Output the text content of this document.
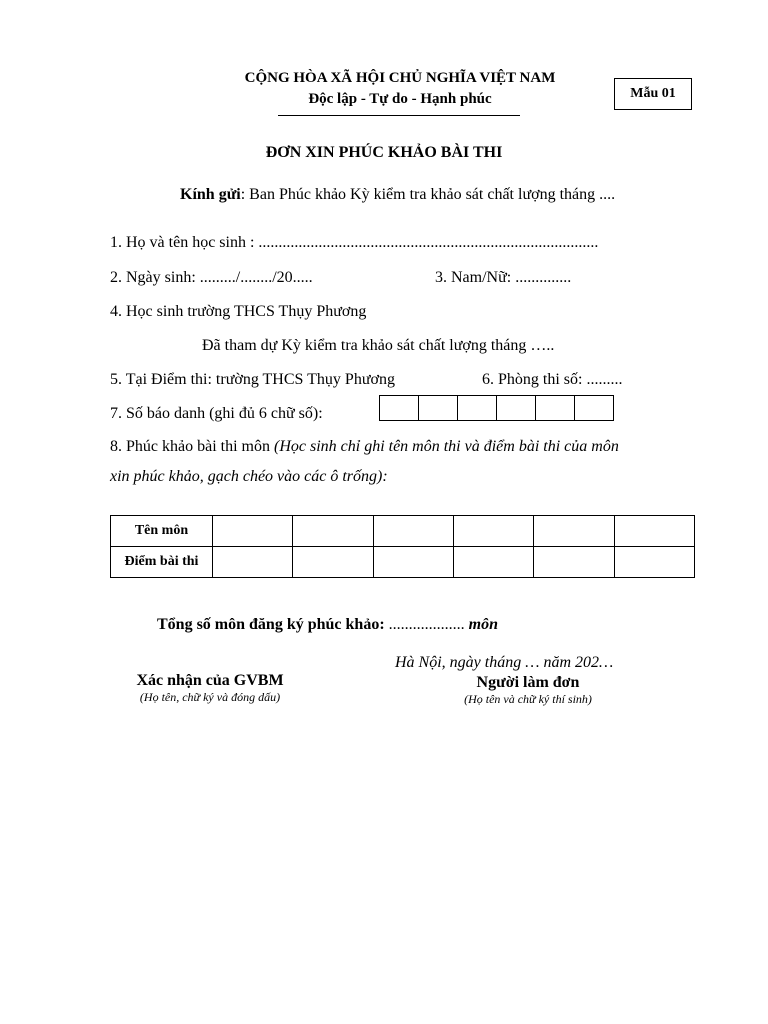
CỘNG HÒA XÃ HỘI CHỦ NGHĨA VIỆT NAM
Độc lập - Tự do - Hạnh phúc	Mẫu 01
ĐƠN XIN PHÚC KHẢO BÀI THI
Kính gửi: Ban Phúc khảo Kỳ kiểm tra khảo sát chất lượng tháng ....
1. Họ và tên học sinh : .....................................................................................
2. Ngày sinh: ........./......../20.....	3. Nam/Nữ: ..............
4. Học sinh trường THCS Thụy Phương
Đã tham dự Kỳ kiểm tra khảo sát chất lượng tháng …..
5. Tại Điểm thi: trường THCS Thụy Phương	6. Phòng thi số: .........
7. Số báo danh (ghi đủ 6 chữ số):
8. Phúc khảo bài thi môn (Học sinh chỉ ghi tên môn thi và điểm bài thi của môn
xin phúc khảo, gạch chéo vào các ô trống):
Tên môn						
Điểm bài thi						
Tổng số môn đăng ký phúc khảo: ................... môn
Hà Nội, ngày tháng … năm 202…
Xác nhận của GVBM
(Họ tên, chữ ký và đóng dấu)
Người làm đơn
(Họ tên và chữ ký thí sinh)
